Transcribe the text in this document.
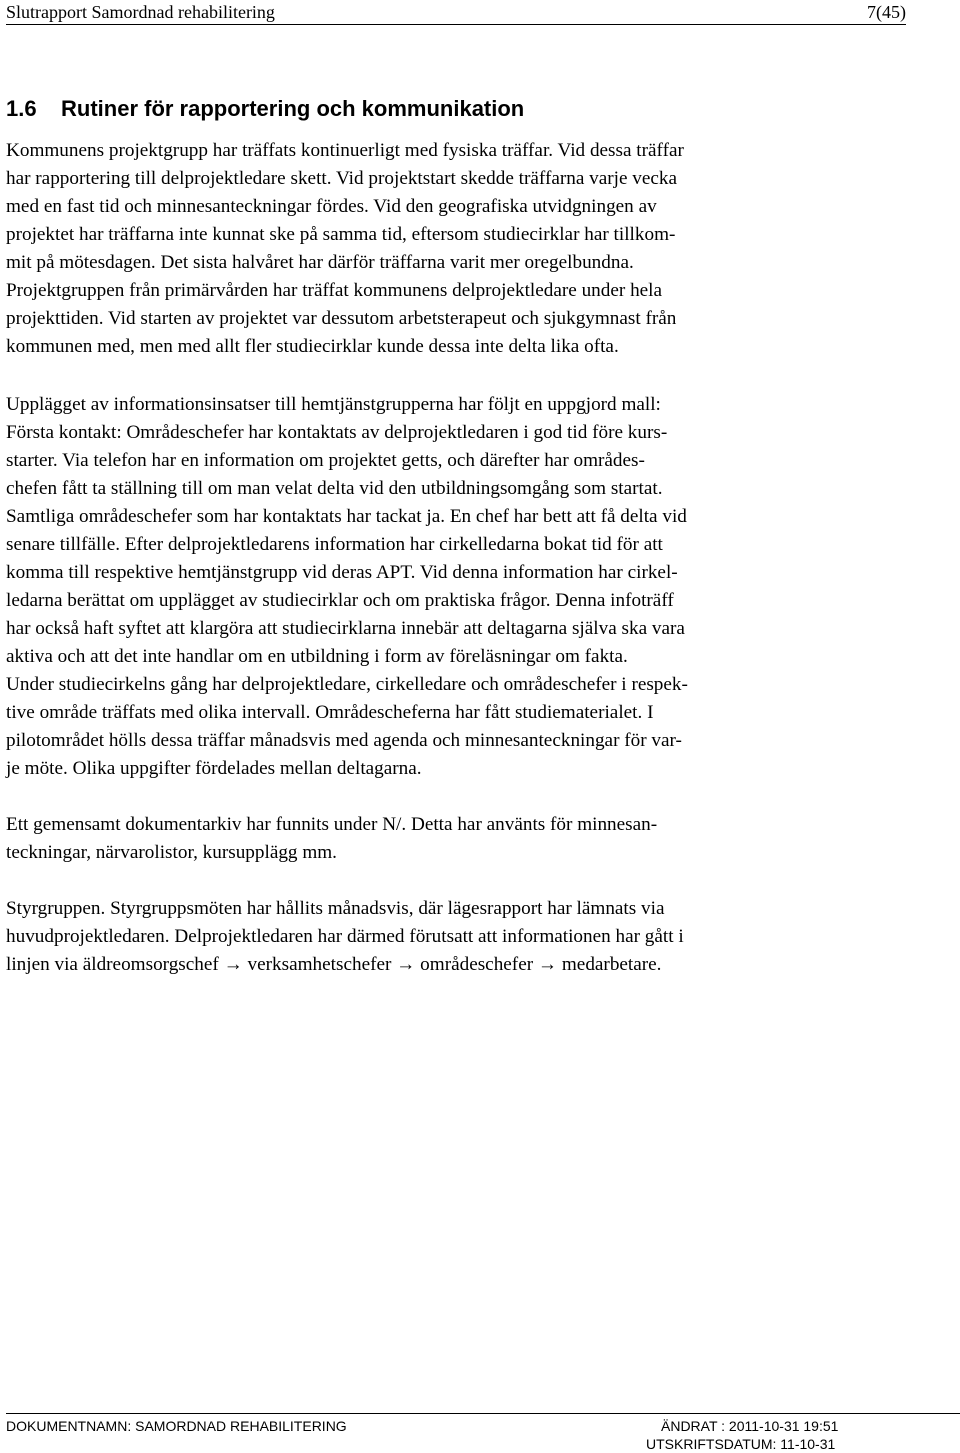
Slutrapport Samordnad rehabilitering	7(45)
1.6 Rutiner för rapportering och kommunikation

Kommunens projektgrupp har träffats kontinuerligt med fysiska träffar. Vid dessa träffar
har rapportering till delprojektledare skett. Vid projektstart skedde träffarna varje vecka
med en fast tid och minnesanteckningar fördes. Vid den geografiska utvidgningen av
projektet har träffarna inte kunnat ske på samma tid, eftersom studiecirklar har tillkom-
mit på mötesdagen. Det sista halvåret har därför träffarna varit mer oregelbundna.
Projektgruppen från primärvården har träffat kommunens delprojektledare under hela
projekttiden. Vid starten av projektet var dessutom arbetsterapeut och sjukgymnast från
kommunen med, men med allt fler studiecirklar kunde dessa inte delta lika ofta.

Upplägget av informationsinsatser till hemtjänstgrupperna har följt en uppgjord mall:
Första kontakt: Områdeschefer har kontaktats av delprojektledaren i god tid före kurs-
starter. Via telefon har en information om projektet getts, och därefter har områdes-
chefen fått ta ställning till om man velat delta vid den utbildningsomgång som startat.
Samtliga områdeschefer som har kontaktats har tackat ja. En chef har bett att få delta vid
senare tillfälle. Efter delprojektledarens information har cirkelledarna bokat tid för att
komma till respektive hemtjänstgrupp vid deras APT. Vid denna information har cirkel-
ledarna berättat om upplägget av studiecirklar och om praktiska frågor. Denna infoträff
har också haft syftet att klargöra att studiecirklarna innebär att deltagarna själva ska vara
aktiva och att det inte handlar om en utbildning i form av föreläsningar om fakta.
Under studiecirkelns gång har delprojektledare, cirkelledare och områdeschefer i respek-
tive område träffats med olika intervall. Områdescheferna har fått studiematerialet. I
pilotområdet hölls dessa träffar månadsvis med agenda och minnesanteckningar för var-
je möte. Olika uppgifter fördelades mellan deltagarna.

Ett gemensamt dokumentarkiv har funnits under N/. Detta har använts för minnesan-
teckningar, närvarolistor, kursupplägg mm.

Styrgruppen. Styrgruppsmöten har hållits månadsvis, där lägesrapport har lämnats via
huvudprojektledaren. Delprojektledaren har därmed förutsatt att informationen har gått i
linjen via äldreomsorgschef → verksamhetschefer → områdeschefer → medarbetare.

DOKUMENTNAMN: SAMORDNAD REHABILITERING	ÄNDRAT : 2011-10-31 19:51
UTSKRIFTSDATUM: 11-10-31
